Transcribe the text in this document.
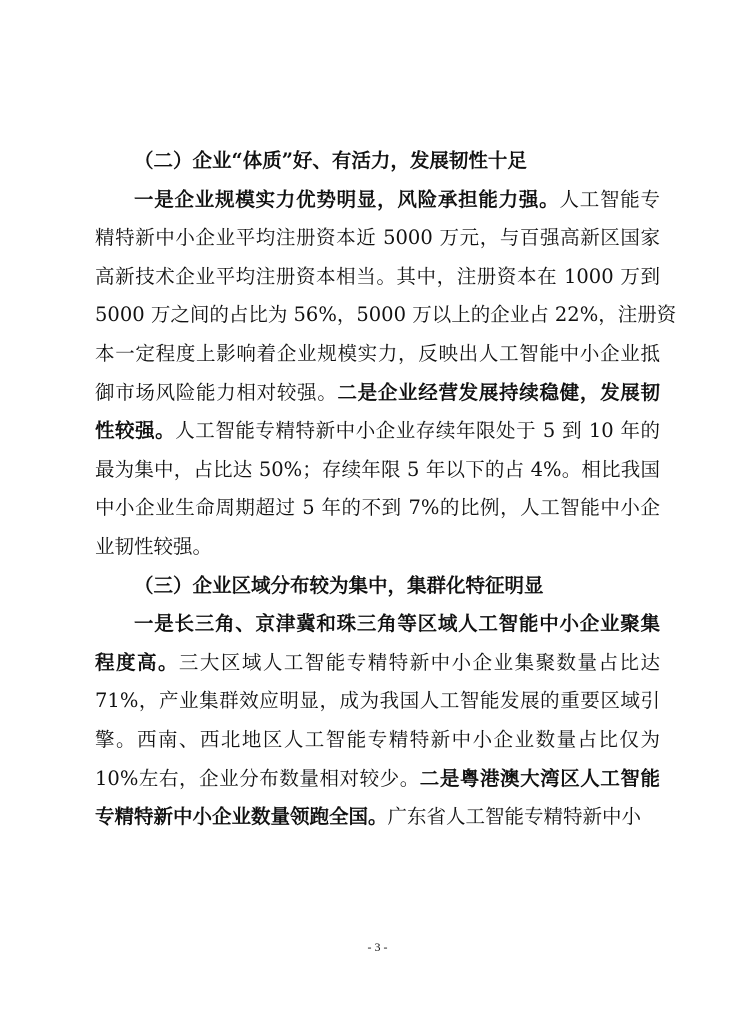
（二）企业“体质”好、有活力，发展韧性十足
一是企业规模实力优势明显，风险承担能力强。人工智能专
精特新中小企业平均注册资本近 5000 万元，与百强高新区国家
高新技术企业平均注册资本相当。其中，注册资本在 1000 万到
5000 万之间的占比为 56%，5000 万以上的企业占 22%，注册资
本一定程度上影响着企业规模实力，反映出人工智能中小企业抵
御市场风险能力相对较强。二是企业经营发展持续稳健，发展韧
性较强。人工智能专精特新中小企业存续年限处于 5 到 10 年的
最为集中，占比达 50%；存续年限 5 年以下的占 4%。相比我国
中小企业生命周期超过 5 年的不到 7%的比例，人工智能中小企
业韧性较强。
（三）企业区域分布较为集中，集群化特征明显
一是长三角、京津冀和珠三角等区域人工智能中小企业聚集
程度高。三大区域人工智能专精特新中小企业集聚数量占比达
71%，产业集群效应明显，成为我国人工智能发展的重要区域引
擎。西南、西北地区人工智能专精特新中小企业数量占比仅为
10%左右，企业分布数量相对较少。二是粤港澳大湾区人工智能
专精特新中小企业数量领跑全国。广东省人工智能专精特新中小
- 3 -
